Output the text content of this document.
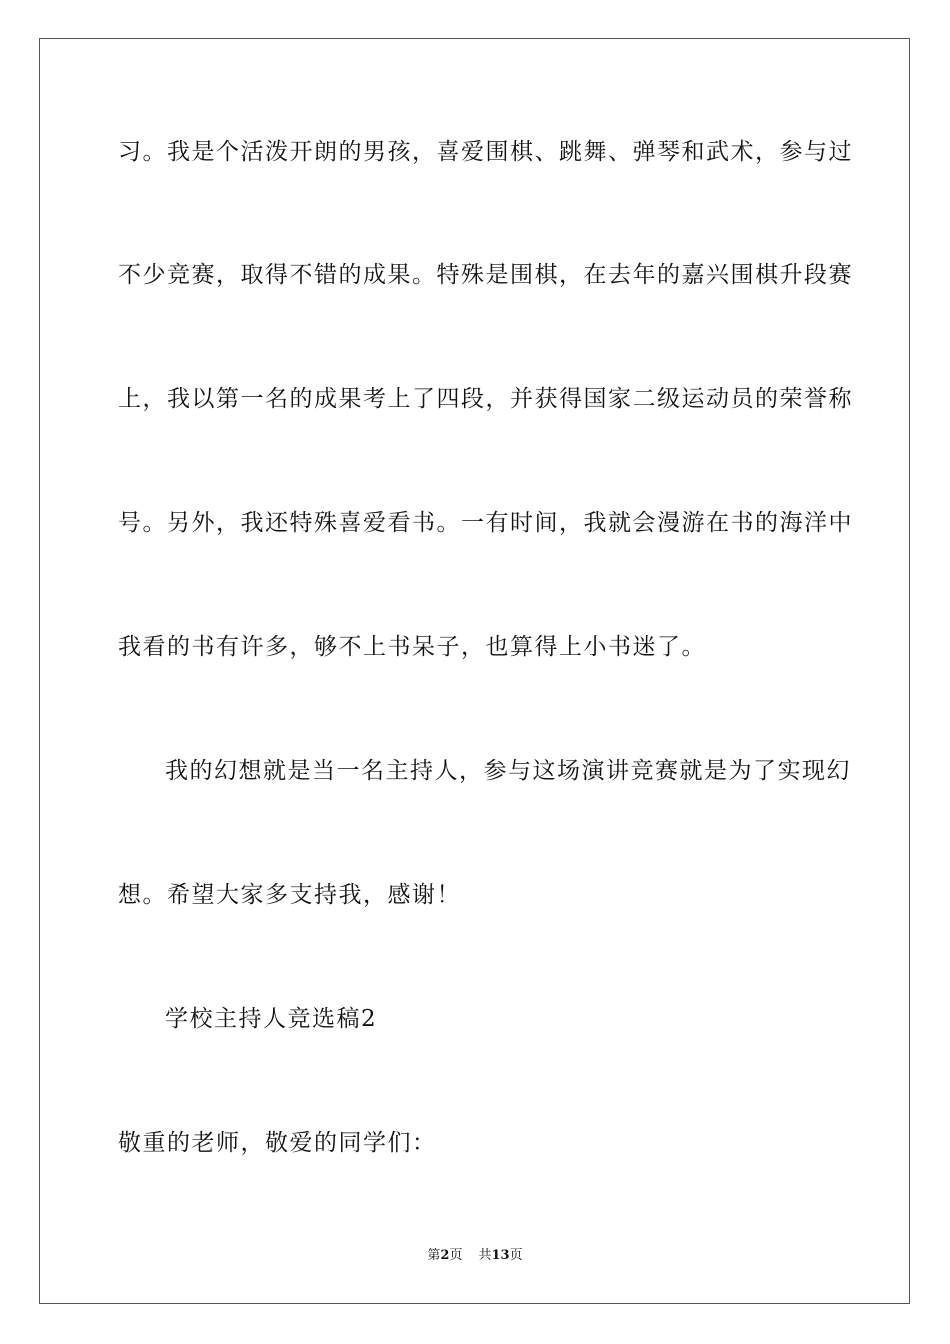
习。我是个活泼开朗的男孩，喜爱围棋、跳舞、弹琴和武术，参与过
不少竞赛，取得不错的成果。特殊是围棋，在去年的嘉兴围棋升段赛
上，我以第一名的成果考上了四段，并获得国家二级运动员的荣誉称
号。另外，我还特殊喜爱看书。一有时间，我就会漫游在书的海洋中
我看的书有许多，够不上书呆子，也算得上小书迷了。
我的幻想就是当一名主持人，参与这场演讲竞赛就是为了实现幻
想。希望大家多支持我，感谢！
学校主持人竞选稿2
敬重的老师，敬爱的同学们：
第2页 共13页
